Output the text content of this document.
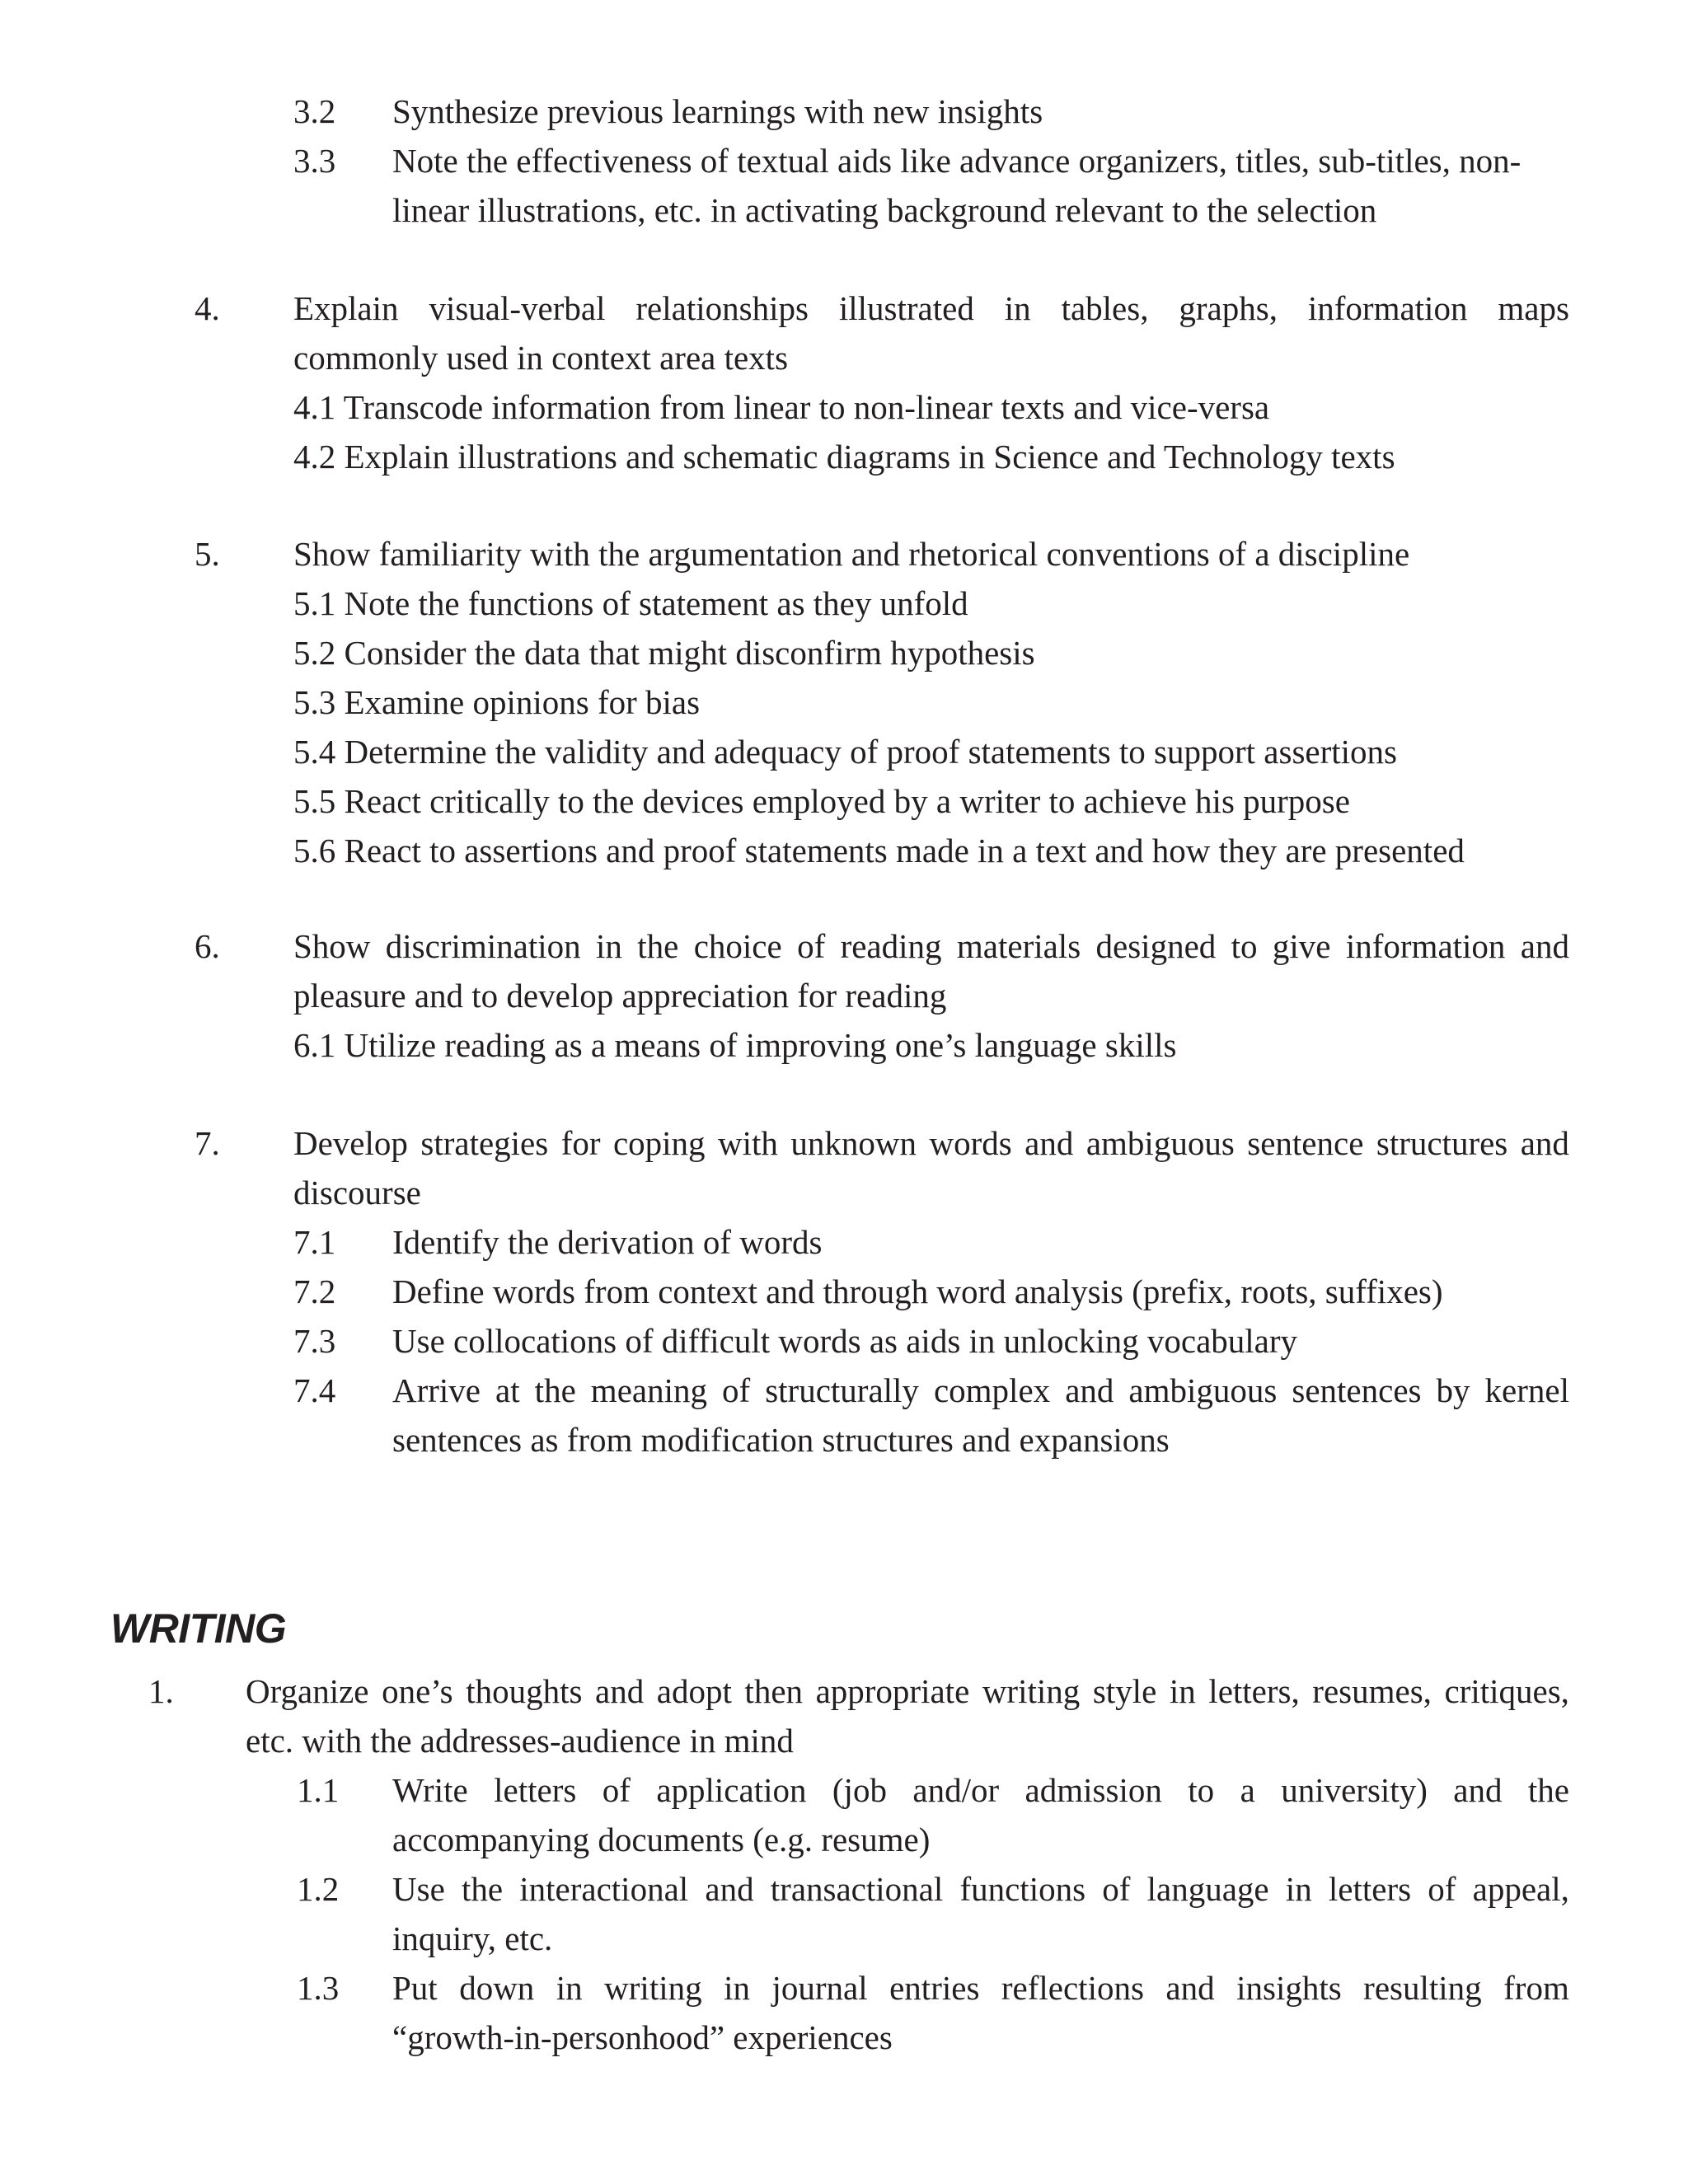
3.2 Synthesize previous learnings with new insights
3.3 Note the effectiveness of textual aids like advance organizers, titles, sub-titles, non-
linear illustrations, etc. in activating background relevant to the selection
4. Explain visual-verbal relationships illustrated in tables, graphs, information maps
commonly used in context area texts
4.1 Transcode information from linear to non-linear texts and vice-versa
4.2 Explain illustrations and schematic diagrams in Science and Technology texts
5. Show familiarity with the argumentation and rhetorical conventions of a discipline
5.1 Note the functions of statement as they unfold
5.2 Consider the data that might disconfirm hypothesis
5.3 Examine opinions for bias
5.4 Determine the validity and adequacy of proof statements to support assertions
5.5 React critically to the devices employed by a writer to achieve his purpose
5.6 React to assertions and proof statements made in a text and how they are presented
6. Show discrimination in the choice of reading materials designed to give information and
pleasure and to develop appreciation for reading
6.1 Utilize reading as a means of improving one’s language skills
7. Develop strategies for coping with unknown words and ambiguous sentence structures and
discourse
7.1 Identify the derivation of words
7.2 Define words from context and through word analysis (prefix, roots, suffixes)
7.3 Use collocations of difficult words as aids in unlocking vocabulary
7.4 Arrive at the meaning of structurally complex and ambiguous sentences by kernel
sentences as from modification structures and expansions
WRITING
1. Organize one’s thoughts and adopt then appropriate writing style in letters, resumes, critiques,
etc. with the addresses-audience in mind
1.1 Write letters of application (job and/or admission to a university) and the
accompanying documents (e.g. resume)
1.2 Use the interactional and transactional functions of language in letters of appeal,
inquiry, etc.
1.3 Put down in writing in journal entries reflections and insights resulting from
“growth-in-personhood” experiences
